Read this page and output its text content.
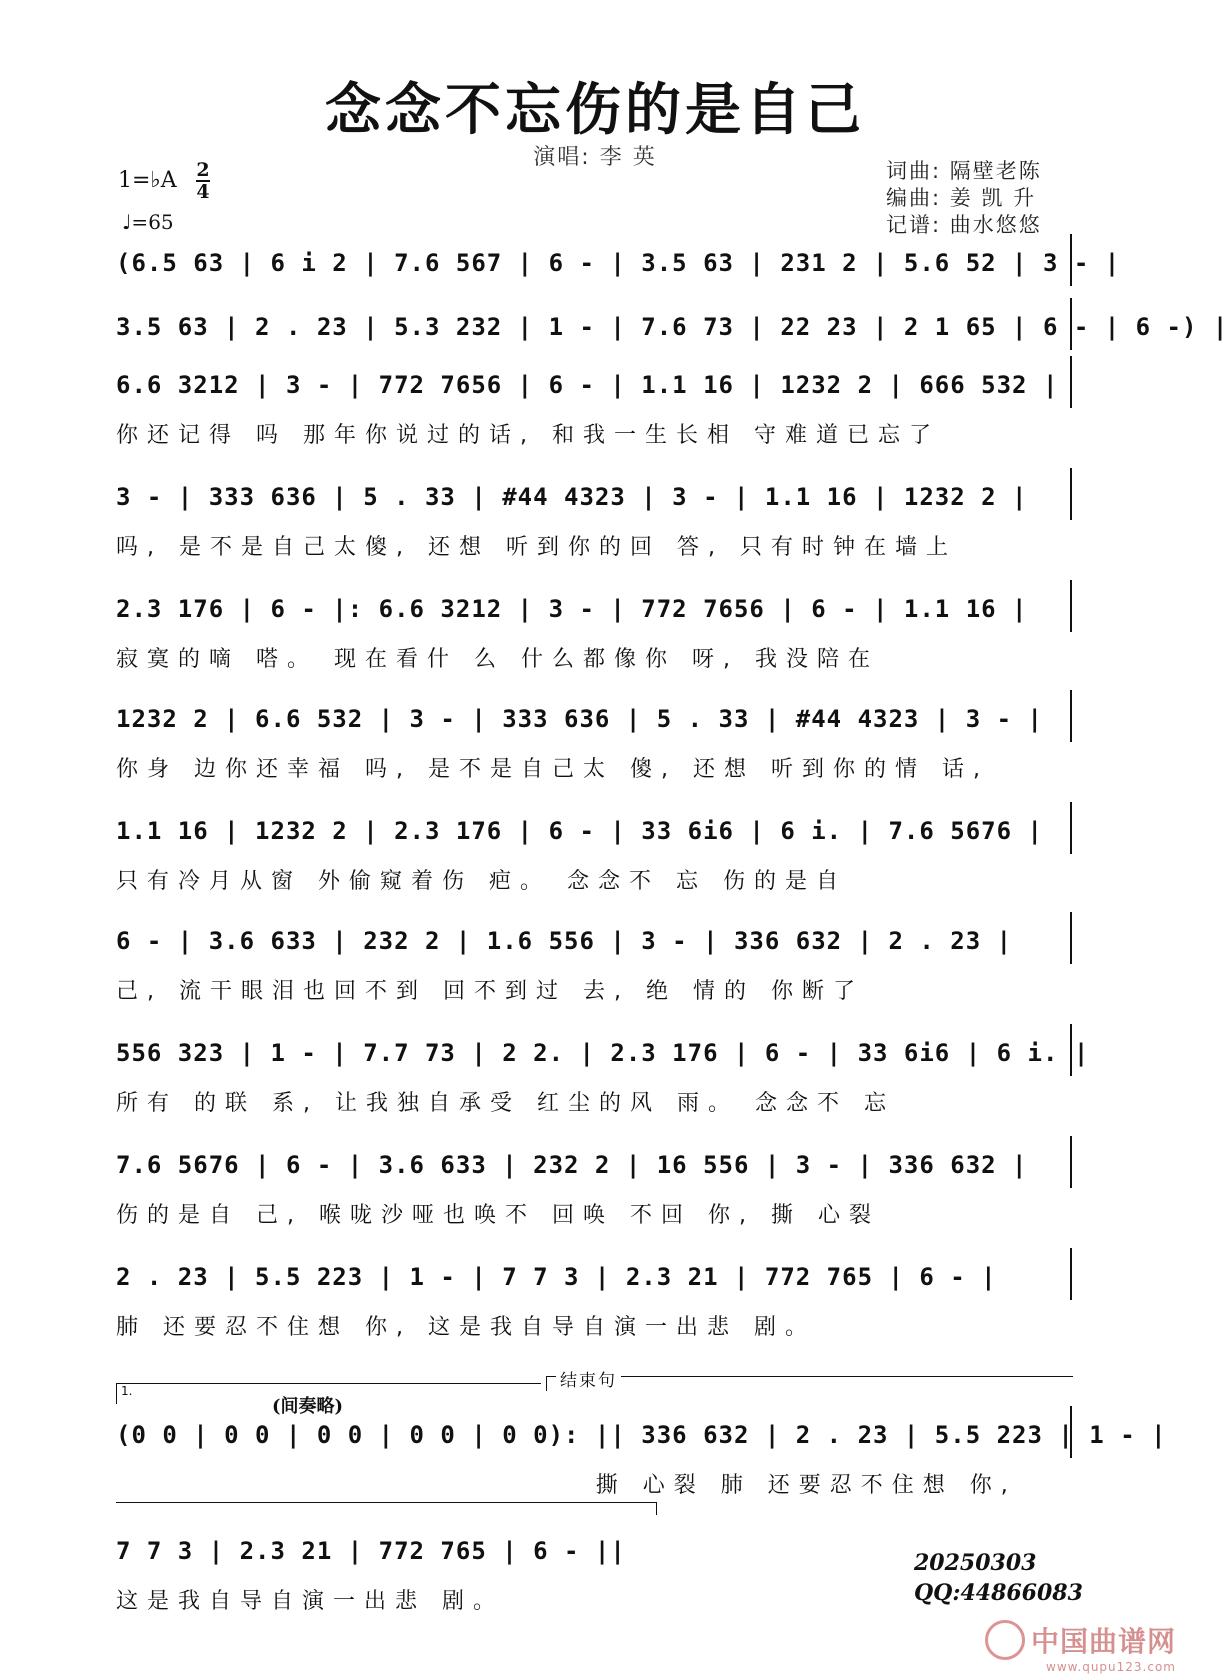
念念不忘伤的是自己
演唱: 李 英
词曲: 隔壁老陈
编曲: 姜 凯 升
记谱: 曲水悠悠
1=♭A 2
4
♩=65
(6.5 63 | 6 i 2 | 7.6 567 | 6 - | 3.5 63 | 231 2 | 5.6 52 | 3 - |
3.5 63 | 2 . 23 | 5.3 232 | 1 - | 7.6 73 | 22 23 | 2 1 65 | 6 - | 6 -) |
6.6 3212 | 3 - | 772 7656 | 6 - | 1.1 16 | 1232 2 | 666 532 |
你还记得 吗 那年你说过的话, 和我一生长相 守难道已忘了
3 - | 333 636 | 5 . 33 | #44 4323 | 3 - | 1.1 16 | 1232 2 |
吗, 是不是自己太傻, 还想 听到你的回 答, 只有时钟在墙上
2.3 176 | 6 - |: 6.6 3212 | 3 - | 772 7656 | 6 - | 1.1 16 |
寂寞的嘀 嗒。 现在看什 么 什么都像你 呀, 我没陪在
1232 2 | 6.6 532 | 3 - | 333 636 | 5 . 33 | #44 4323 | 3 - |
你身 边你还幸福 吗, 是不是自己太 傻, 还想 听到你的情 话,
1.1 16 | 1232 2 | 2.3 176 | 6 - | 33 6i6 | 6 i. | 7.6 5676 |
只有冷月从窗 外偷窥着伤 疤。 念念不 忘 伤的是自
6 - | 3.6 633 | 232 2 | 1.6 556 | 3 - | 336 632 | 2 . 23 |
己, 流干眼泪也回不到 回不到过 去, 绝 情的 你断了
556 323 | 1 - | 7.7 73 | 2 2. | 2.3 176 | 6 - | 33 6i6 | 6 i. |
所有 的联 系, 让我独自承受 红尘的风 雨。 念念不 忘
7.6 5676 | 6 - | 3.6 633 | 232 2 | 16 556 | 3 - | 336 632 |
伤的是自 己, 喉咙沙哑也唤不 回唤 不回 你, 撕 心裂
2 . 23 | 5.5 223 | 1 - | 7 7 3 | 2.3 21 | 772 765 | 6 - |
肺 还要忍不住想 你, 这是我自导自演一出悲 剧。
1.
(间奏略)
结束句
(0 0 | 0 0 | 0 0 | 0 0 | 0 0): || 336 632 | 2 . 23 | 5.5 223 | 1 - |
撕 心裂 肺 还要忍不住想 你,
7 7 3 | 2.3 21 | 772 765 | 6 - ||
这是我自导自演一出悲 剧。
20250303
QQ:44866083
中国曲谱网
www.qupu123.com
